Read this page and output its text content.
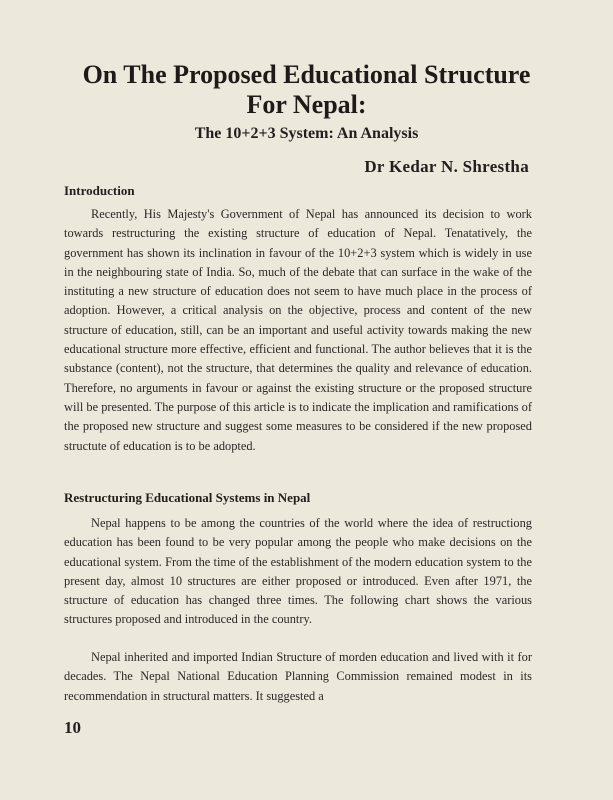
On The Proposed Educational Structure
For Nepal:
The 10+2+3 System: An Analysis
Dr Kedar N. Shrestha
Introduction

Recently, His Majesty's Government of Nepal has announced its decision to work towards restructuring the existing structure of education of Nepal. Tenatatively, the government has shown its inclination in favour of the 10+2+3 system which is widely in use in the neighbouring state of India. So, much of the debate that can surface in the wake of the instituting a new structure of education does not seem to have much place in the process of adoption. However, a critical analysis on the objective, process and content of the new structure of education, still, can be an important and useful activity towards making the new educational structure more effective, efficient and functional. The author believes that it is the substance (content), not the structure, that determines the quality and relevance of education. Therefore, no arguments in favour or against the existing structure or the proposed structure will be presented. The purpose of this article is to indicate the implication and ramifications of the proposed new structure and suggest some measures to be considered if the new proposed structute of education is to be adopted.

Restructuring Educational Systems in Nepal

Nepal happens to be among the countries of the world where the idea of restructiong education has been found to be very popular among the people who make decisions on the educational system. From the time of the establishment of the modern education system to the present day, almost 10 structures are either proposed or introduced. Even after 1971, the structure of education has changed three times. The following chart shows the various structures proposed and introduced in the country.

Nepal inherited and imported Indian Structure of morden education and lived with it for decades. The Nepal National Education Planning Commission remained modest in its recommendation in structural matters. It suggested a

10
